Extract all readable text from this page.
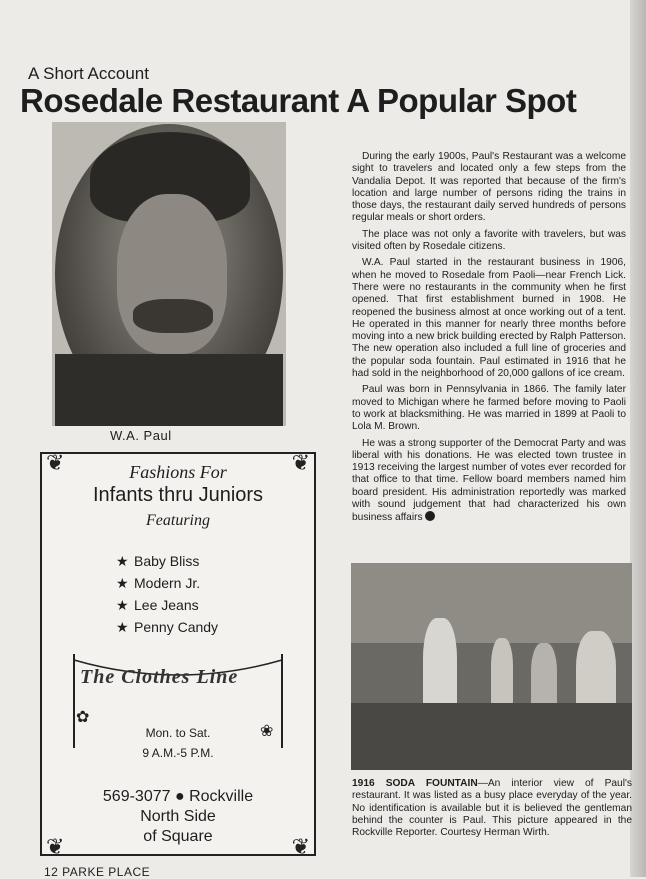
A Short Account
Rosedale Restaurant A Popular Spot
W.A. Paul
❦	❦
Fashions For
Infants thru Juniors
Featuring
★ Baby Bliss
★ Modern Jr.
★ Lee Jeans
★ Penny Candy
✿
❀
The Clothes Line
Mon. to Sat.
9 A.M.-5 P.M.
569-3077 ● Rockville
North Side
of Square
❦	❦

During the early 1900s, Paul's Restaurant was a welcome sight to travelers and located only a few steps from the Vandalia Depot. It was reported that because of the firm's location and large number of persons riding the trains in those days, the restaurant daily served hundreds of persons regular meals or short orders.

The place was not only a favorite with travelers, but was visited often by Rosedale citizens.

W.A. Paul started in the restaurant business in 1906, when he moved to Rosedale from Paoli—near French Lick. There were no restaurants in the community when he first opened. That first establishment burned in 1908. He reopened the business almost at once working out of a tent. He operated in this manner for nearly three months before moving into a new brick building erected by Ralph Patterson. The new operation also included a full line of groceries and the popular soda fountain. Paul estimated in 1916 that he had sold in the neighborhood of 20,000 gallons of ice cream.

Paul was born in Pennsylvania in 1866. The family later moved to Michigan where he farmed before moving to Paoli to work at blacksmithing. He was married in 1899 at Paoli to Lola M. Brown.

He was a strong supporter of the Democrat Party and was liberal with his donations. He was elected town trustee in 1913 receiving the largest number of votes ever recorded for that office to that time. Fellow board members named him board president. His administration reportedly was marked with sound judgement that had characterized his own business affairs

1916 SODA FOUNTAIN—An interior view of Paul's restaurant. It was listed as a busy place everyday of the year. No identification is available but it is believed the gentleman behind the counter is Paul. This picture appeared in the Rockville Reporter. Courtesy Herman Wirth.
12 PARKE PLACE
